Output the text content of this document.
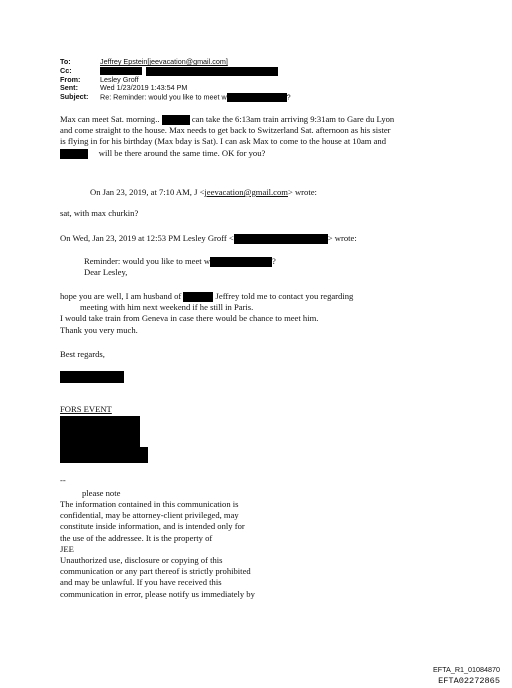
To:	Jeffrey Epstein[jeevacation@gmail.com]
Cc:
From:	Lesley Groff
Sent:	Wed 1/23/2019 1:43:54 PM
Subject:	Re: Reminder: would you like to meet w	?
Max can meet Sat. morning..	can take the 6:13am train arriving 9:31am to Gare du Lyon
and come straight to the house. Max needs to get back to Switzerland Sat. afternoon as his sister
is flying in for his birthday (Max bday is Sat). I can ask Max to come to the house at 10am and
will be there around the same time. OK for you?
On Jan 23, 2019, at 7:10 AM, J <jeevacation@gmail.com> wrote:
sat, with max churkin?
On Wed, Jan 23, 2019 at 12:53 PM Lesley Groff <	> wrote:
Reminder: would you like to meet w	?
Dear Lesley,
hope you are well, I am husband of	Jeffrey told me to contact you regarding
meeting with him next weekend if he still in Paris.
I would take train from Geneva in case there would be chance to meet him.
Thank you very much.
Best regards,
FORS EVENT
--
please note
The information contained in this communication is
confidential, may be attorney-client privileged, may
constitute inside information, and is intended only for
the use of the addressee. It is the property of
JEE
Unauthorized use, disclosure or copying of this
communication or any part thereof is strictly prohibited
and may be unlawful. If you have received this
communication in error, please notify us immediately by
EFTA_R1_01084870
EFTA02272865
